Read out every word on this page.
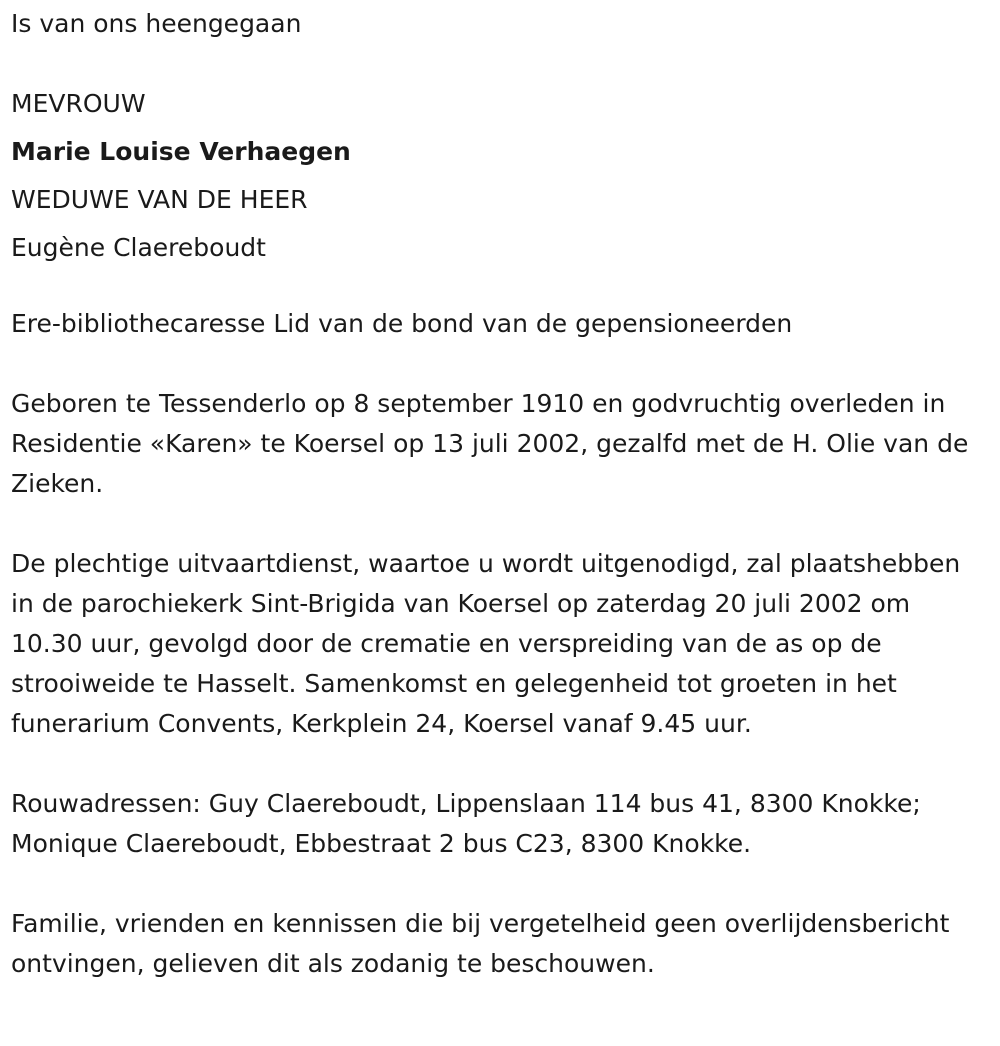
Is van ons heengegaan
MEVROUW
Marie Louise Verhaegen
WEDUWE VAN DE HEER
Eugène Claereboudt

Ere-bibliothecaresse Lid van de bond van de gepensioneerden

Geboren te Tessenderlo op 8 september 1910 en godvruchtig overleden in Residentie «Karen» te Koersel op 13 juli 2002, gezalfd met de H. Olie van de Zieken.

De plechtige uitvaartdienst, waartoe u wordt uitgenodigd, zal plaatshebben in de parochiekerk Sint-Brigida van Koersel op zaterdag 20 juli 2002 om 10.30 uur, gevolgd door de crematie en verspreiding van de as op de strooiweide te Hasselt. Samenkomst en gelegenheid tot groeten in het funerarium Convents, Kerkplein 24, Koersel vanaf 9.45 uur.

Rouwadressen: Guy Claereboudt, Lippenslaan 114 bus 41, 8300 Knokke; Monique Claereboudt, Ebbestraat 2 bus C23, 8300 Knokke.

Familie, vrienden en kennissen die bij vergetelheid geen overlijdensbericht ontvingen, gelieven dit als zodanig te beschouwen.
